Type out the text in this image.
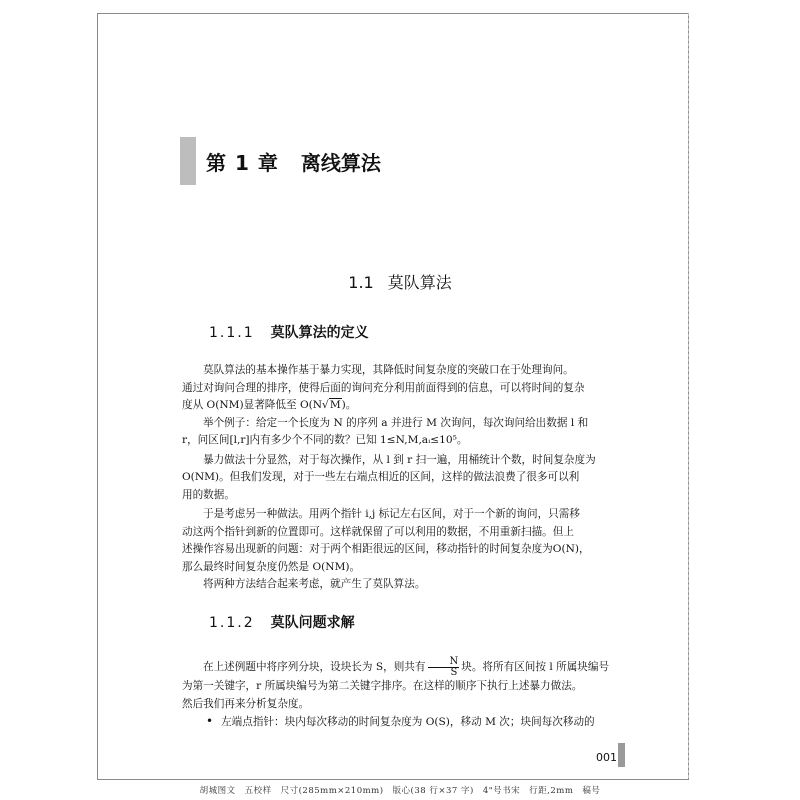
第 1 章 离线算法
1.1 莫队算法
1.1.1 莫队算法的定义
莫队算法的基本操作基于暴力实现，其降低时间复杂度的突破口在于处理询问。
通过对询问合理的排序，使得后面的询问充分利用前面得到的信息，可以将时间的复杂
度从 O(NM)显著降低至 O(N√M)。
举个例子：给定一个长度为 N 的序列 a 并进行 M 次询问，每次询问给出数据 l 和
r，问区间[l,r]内有多少个不同的数？已知 1≤N,M,aᵢ≤10⁵。
暴力做法十分显然，对于每次操作，从 l 到 r 扫一遍，用桶统计个数，时间复杂度为
O(NM)。但我们发现，对于一些左右端点相近的区间，这样的做法浪费了很多可以利
用的数据。
于是考虑另一种做法。用两个指针 i,j 标记左右区间，对于一个新的询问，只需移
动这两个指针到新的位置即可。这样就保留了可以利用的数据，不用重新扫描。但上
述操作容易出现新的问题：对于两个相距很远的区间，移动指针的时间复杂度为O(N)，
那么最终时间复杂度仍然是 O(NM)。
将两种方法结合起来考虑，就产生了莫队算法。
1.1.2 莫队问题求解
在上述例题中将序列分块，设块长为 S，则共有 $\frac{N}{S}$ 块。将所有区间按 l 所属块编号
为第一关键字，r 所属块编号为第二关键字排序。在这样的顺序下执行上述暴力做法。
然后我们再来分析复杂度。
• 左端点指针：块内每次移动的时间复杂度为 O(S)，移动 M 次；块间每次移动的
001
胡城图文　五校样　尺寸(285mm×210mm)　版心(38 行×37 字)　4"号书宋　行距,2mm　稿号
